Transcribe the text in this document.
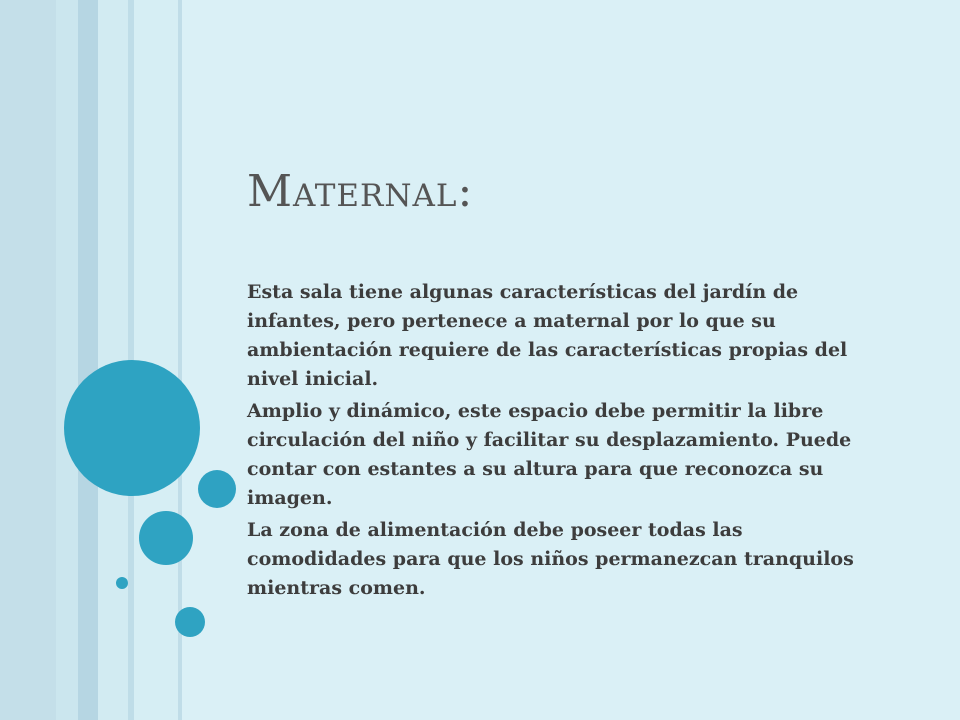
Maternal:

Esta sala tiene algunas características del jardín de infantes, pero pertenece a maternal por lo que su ambientación requiere de las características propias del nivel inicial.

Amplio y dinámico, este espacio debe permitir la libre circulación del niño y facilitar su desplazamiento. Puede contar con estantes a su altura para que reconozca su imagen.

La zona de alimentación debe poseer todas las comodidades para que los niños permanezcan tranquilos mientras comen.
